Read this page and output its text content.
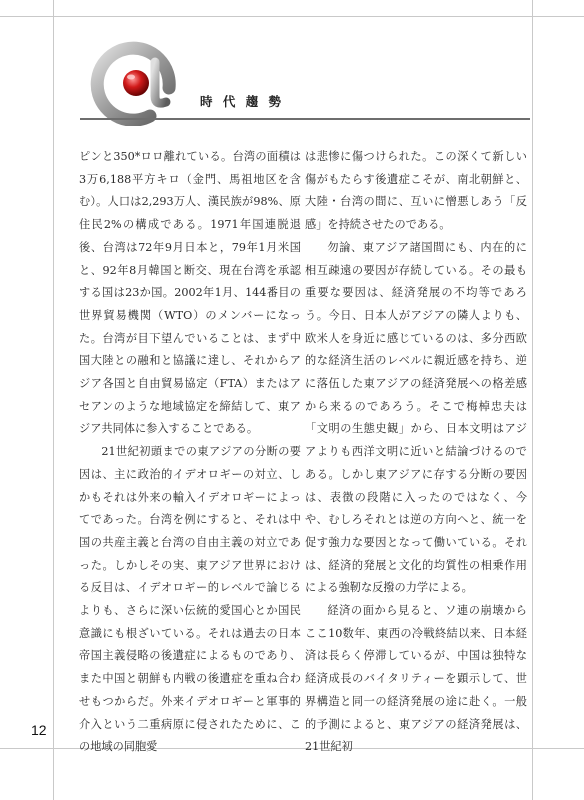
時 代 趨 勢

ピンと350*ロロ離れている。台湾の面積は3万6,188平方キロ（金門、馬祖地区を含む）。人口は2,293万人、漢民族が98%、原住民2%の構成である。1971年国連脱退後、台湾は72年9月日本と，79年1月米国と、92年8月韓国と断交、現在台湾を承認する国は23か国。2002年1月、144番目の世界貿易機関（WTO）のメンバーになった。台湾が目下望んでいることは、まず中国大陸との融和と協議に達し、それからアジア各国と自由貿易協定（FTA）またはアセアンのような地域協定を締結して、東アジア共同体に参入することである。

21世紀初頭までの東アジアの分断の要因は、主に政治的イデオロギーの対立、しかもそれは外来の輸入イデオロギーによってであった。台湾を例にすると、それは中国の共産主義と台湾の自由主義の対立であった。しかしその実、東アジア世界における反目は、イデオロギー的レベルで論じるよりも、さらに深い伝統的愛国心とか国民意識にも根ざいている。それは過去の日本帝国主義侵略の後遺症によるものであり、また中国と朝鮮も内戦の後遺症を重ね合わせもつからだ。外来イデオロギーと軍事的介入という二重病原に侵されたために、この地域の同胞愛

は悲惨に傷つけられた。この深くて新しい傷がもたらす後遺症こそが、南北朝鮮と、大陸・台湾の間に、互いに憎悪しあう「反感」を持続させたのである。

勿論、東アジア諸国間にも、内在的に相互疎遠の要因が存続している。その最も重要な要因は、経済発展の不均等であろう。今日、日本人がアジアの隣人よりも、欧米人を身近に感じているのは、多分西欧的な経済生活のレベルに親近感を持ち、逆に落伍した東アジアの経済発展への格差感から来るのであろう。そこで梅棹忠夫は「文明の生態史観」から、日本文明はアジアよりも西洋文明に近いと結論づけるのである。しかし東アジアに存する分断の要因は、表徴の段階に入ったのではなく、今や、むしろそれとは逆の方向へと、統一を促す強力な要因となって働いている。それは、経済的発展と文化的均質性の相乗作用による強靭な反撥の力学による。

経済の面から見ると、ソ連の崩壊からここ10数年、東西の冷戦終結以来、日本経済は長らく停滞しているが、中国は独特な経済成長のバイタリティーを顕示して、世界構造と同一の経済発展の途に赴く。一般的予測によると、東アジアの経済発展は、21世紀初

12
